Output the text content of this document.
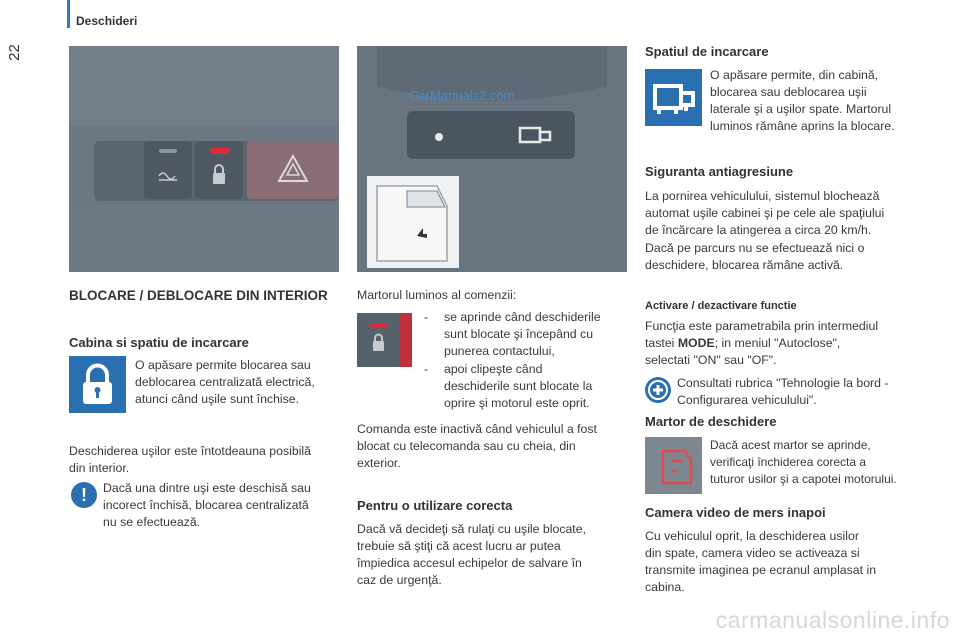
Deschideri
22
CarManuals2.com
BLOCARE / DEBLOCARE DIN INTERIOR
Cabina si spatiu de incarcare
O apăsare permite blocarea sau
deblocarea centralizată electrică,
atunci când uşile sunt închise.
Deschiderea uşilor este întotdeauna posibilă
din interior.
!	Dacă una dintre uşi este deschisă sau
incorect închisă, blocarea centralizată
nu se efectuează.
Martorul luminos al comenzii:
- se aprinde când deschiderile
sunt blocate şi începând cu
punerea contactului,
- apoi clipeşte când
deschiderile sunt blocate la
oprire şi motorul este oprit.
Comanda este inactivă când vehiculul a fost
blocat cu telecomanda sau cu cheia, din
exterior.
Pentru o utilizare corecta
Dacă vă decideţi să rulaţi cu uşile blocate,
trebuie să ştiţi că acest lucru ar putea
împiedica accesul echipelor de salvare în
caz de urgenţă.
Spatiul de incarcare
O apăsare permite, din cabină,
blocarea sau deblocarea uşii
laterale şi a uşilor spate. Martorul
luminos rămâne aprins la blocare.
Siguranta antiagresiune
La pornirea vehiculului, sistemul blochează
automat uşile cabinei şi pe cele ale spaţiului
de încărcare la atingerea a circa 20 km/h.
Dacă pe parcurs nu se efectuează nici o
deschidere, blocarea rămâne activă.
Activare / dezactivare functie
Funcţia este parametrabila prin intermediul
tastei MODE; in meniul "Autoclose",
selectati "ON" sau "OF".
Consultati rubrica "Tehnologie la bord -
Configurarea vehiculului".
Martor de deschidere
Dacă acest martor se aprinde,
verificaţi închiderea corecta a
tuturor usilor şi a capotei motorului.
Camera video de mers inapoi
Cu vehiculul oprit, la deschiderea usilor
din spate, camera video se activeaza si
transmite imaginea pe ecranul amplasat in
cabina.
carmanualsonline.info
